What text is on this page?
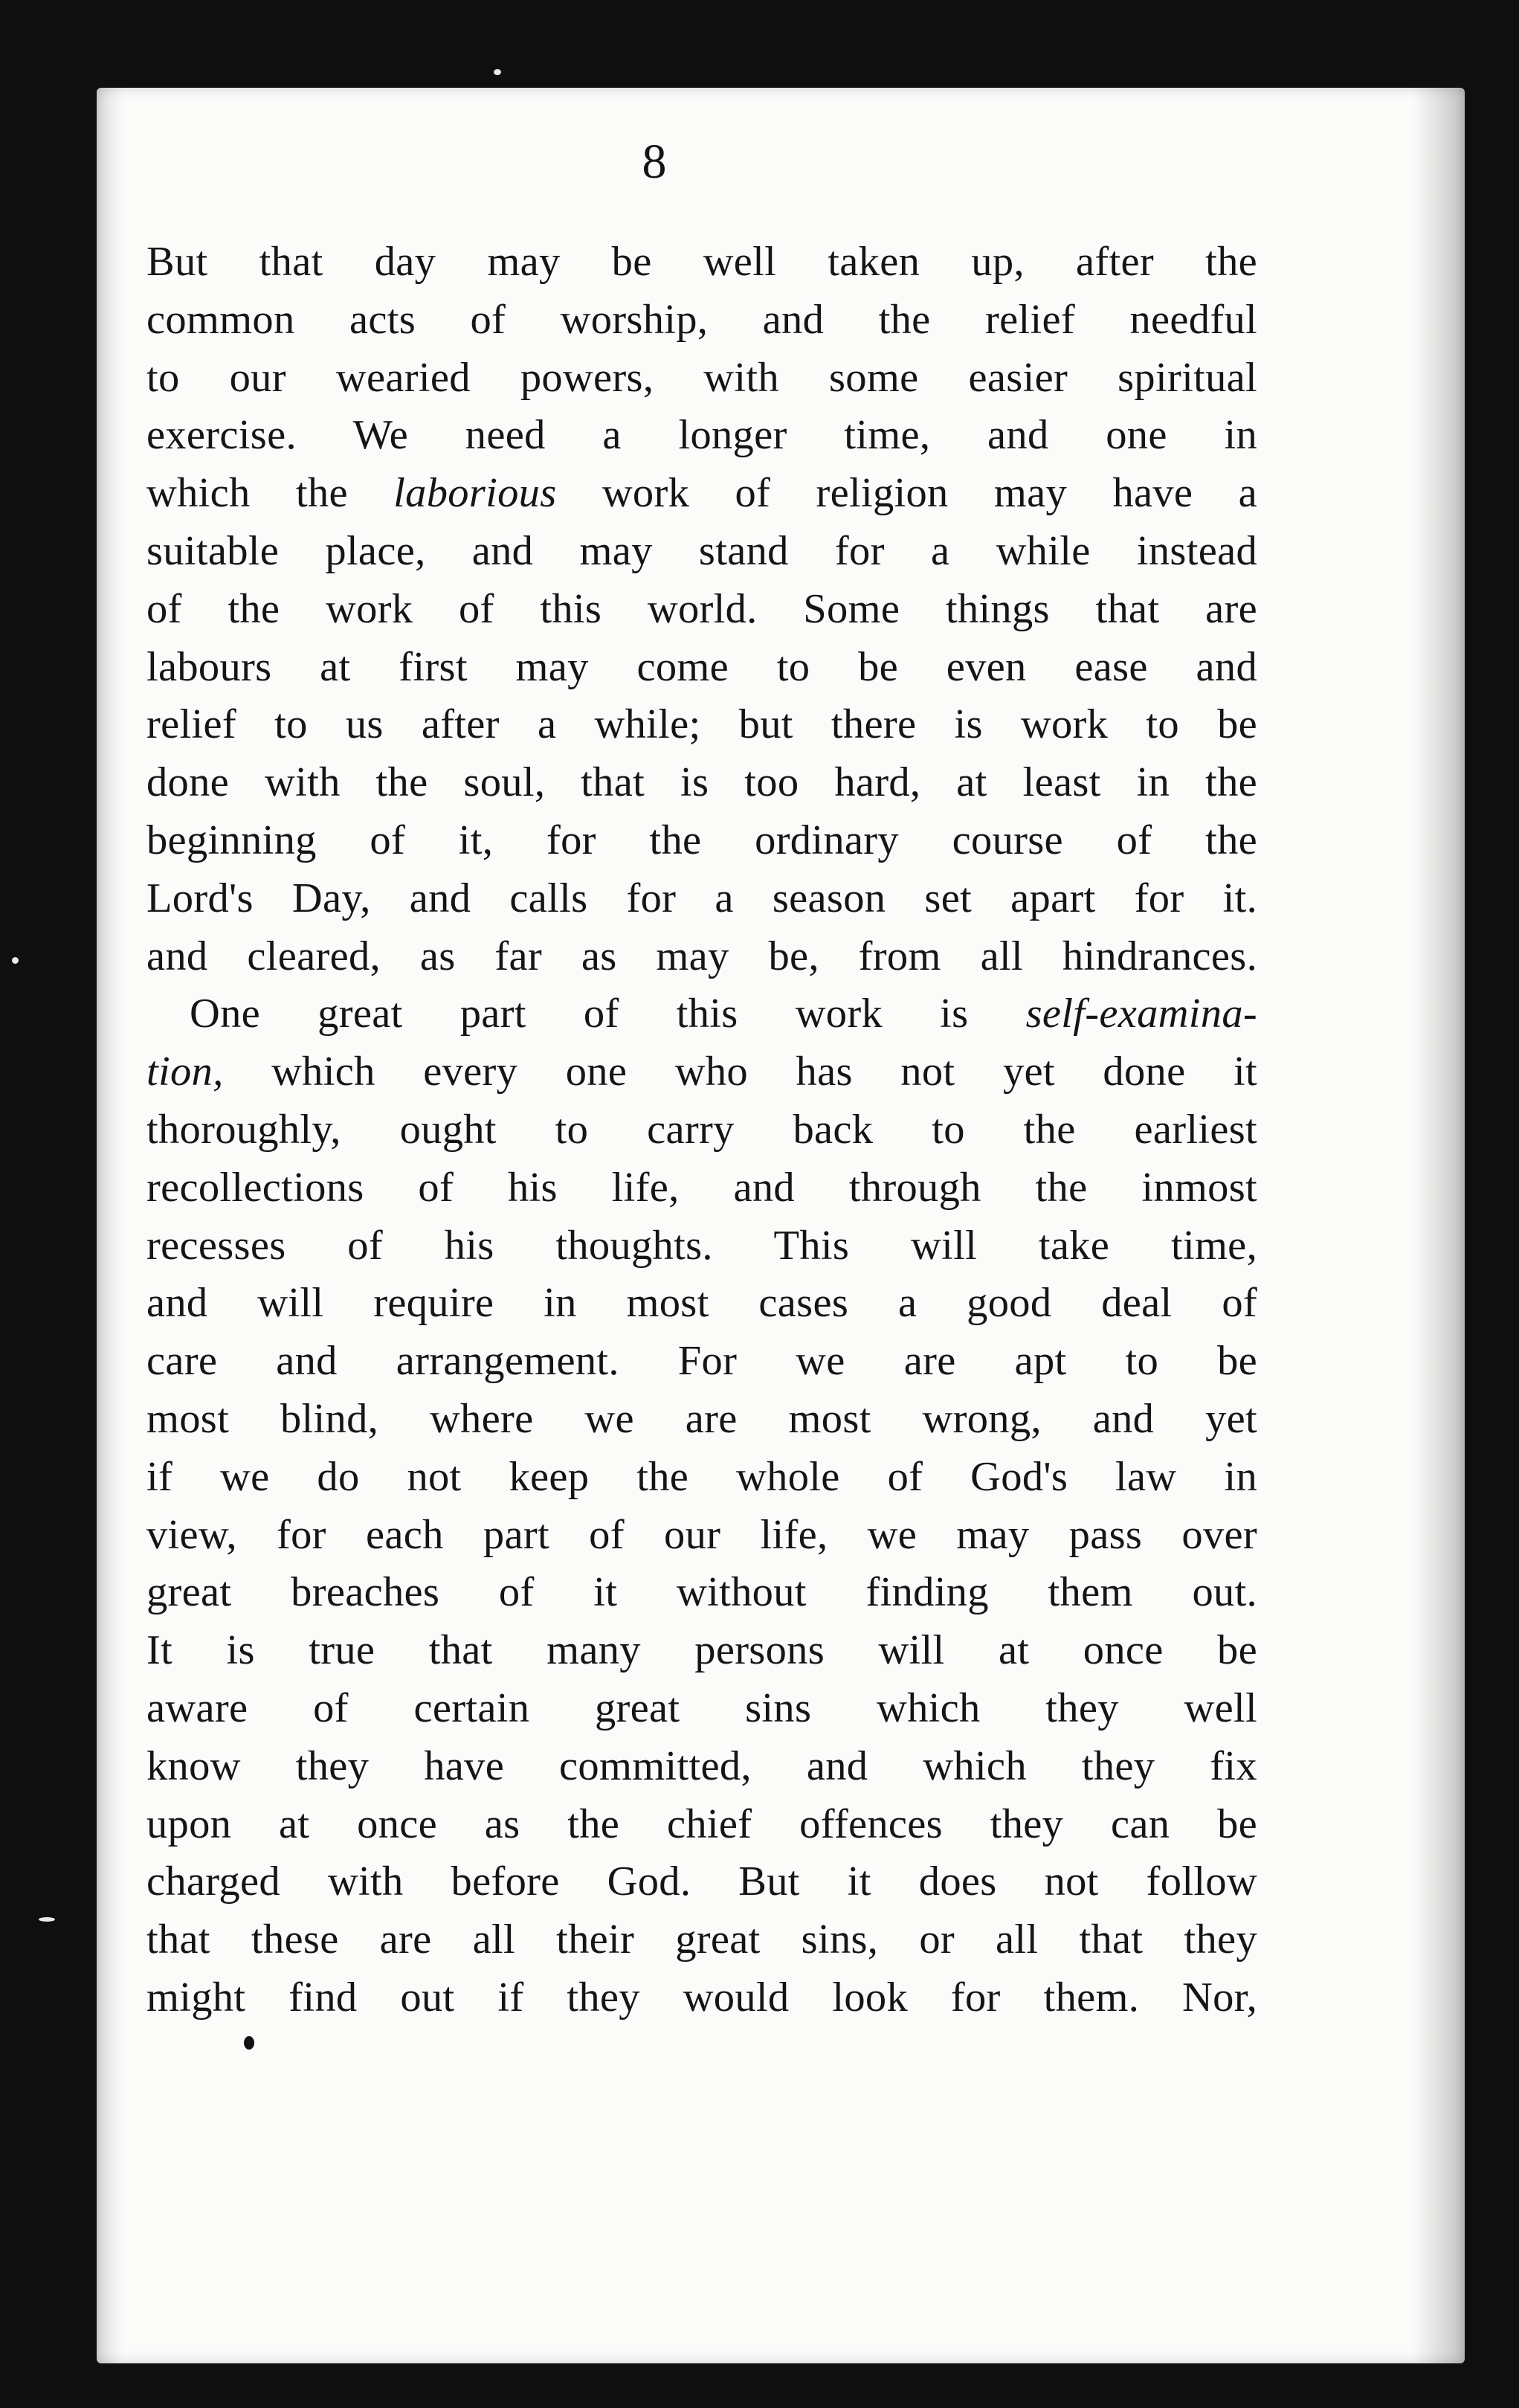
8
But that day may be well taken up, after the
common acts of worship, and the relief needful
to our wearied powers, with some easier spiritual
exercise. We need a longer time, and one in
which the laborious work of religion may have a
suitable place, and may stand for a while instead
of the work of this world. Some things that are
labours at first may come to be even ease and
relief to us after a while; but there is work to be
done with the soul, that is too hard, at least in the
beginning of it, for the ordinary course of the
Lord's Day, and calls for a season set apart for it.
and cleared, as far as may be, from all hindrances.
One great part of this work is self-examina-
tion, which every one who has not yet done it
thoroughly, ought to carry back to the earliest
recollections of his life, and through the inmost
recesses of his thoughts. This will take time,
and will require in most cases a good deal of
care and arrangement. For we are apt to be
most blind, where we are most wrong, and yet
if we do not keep the whole of God's law in
view, for each part of our life, we may pass over
great breaches of it without finding them out.
It is true that many persons will at once be
aware of certain great sins which they well
know they have committed, and which they fix
upon at once as the chief offences they can be
charged with before God. But it does not follow
that these are all their great sins, or all that they
might find out if they would look for them. Nor,
